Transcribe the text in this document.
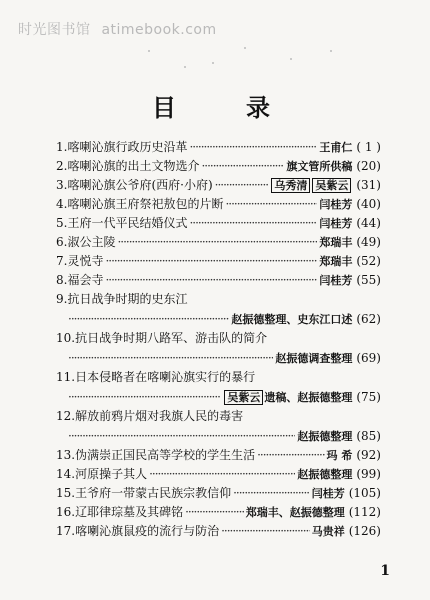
时光图书馆 atimebook.com
目	录
1.喀喇沁旗行政历史沿革 ·····	王甫仁 ( 1 )
2.喀喇沁旗的出土文物选介 ·····	旗文管所供稿 (20)
3.喀喇沁旗公爷府(西府·小府) ·····	乌秀清 吴紫云 (31)
4.喀喇沁旗王府祭祀敖包的片断 ·····	闫桂芳 (40)
5.王府一代平民结婚仪式 ·····	闫桂芳 (44)
6.淑公主陵 ·····	郑瑞丰 (49)
7.灵悦寺 ·····	郑瑞丰 (52)
8.福会寺 ·····	闫桂芳 (55)
9.抗日战争时期的史东江
·····
赵振德整理、史东江口述 (62)
10.抗日战争时期八路军、游击队的简介
·····
赵振德调查整理 (69)
11.日本侵略者在喀喇沁旗实行的暴行
·····
吴紫云 遗稿、赵振德整理 (75)
12.解放前鸦片烟对我旗人民的毒害
·····
赵振德整理 (85)
13.伪满崇正国民高等学校的学生生活 ·····	玛 希 (92)
14.河原操子其人 ·····	赵振德整理 (99)
15.王爷府一带蒙古民族宗教信仰 ·····	闫桂芳 (105)
16.辽耶律琮墓及其碑铭 ·····	郑瑞丰、赵振德整理 (112)
17.喀喇沁旗鼠疫的流行与防治 ·····	马贵祥 (126)
1
